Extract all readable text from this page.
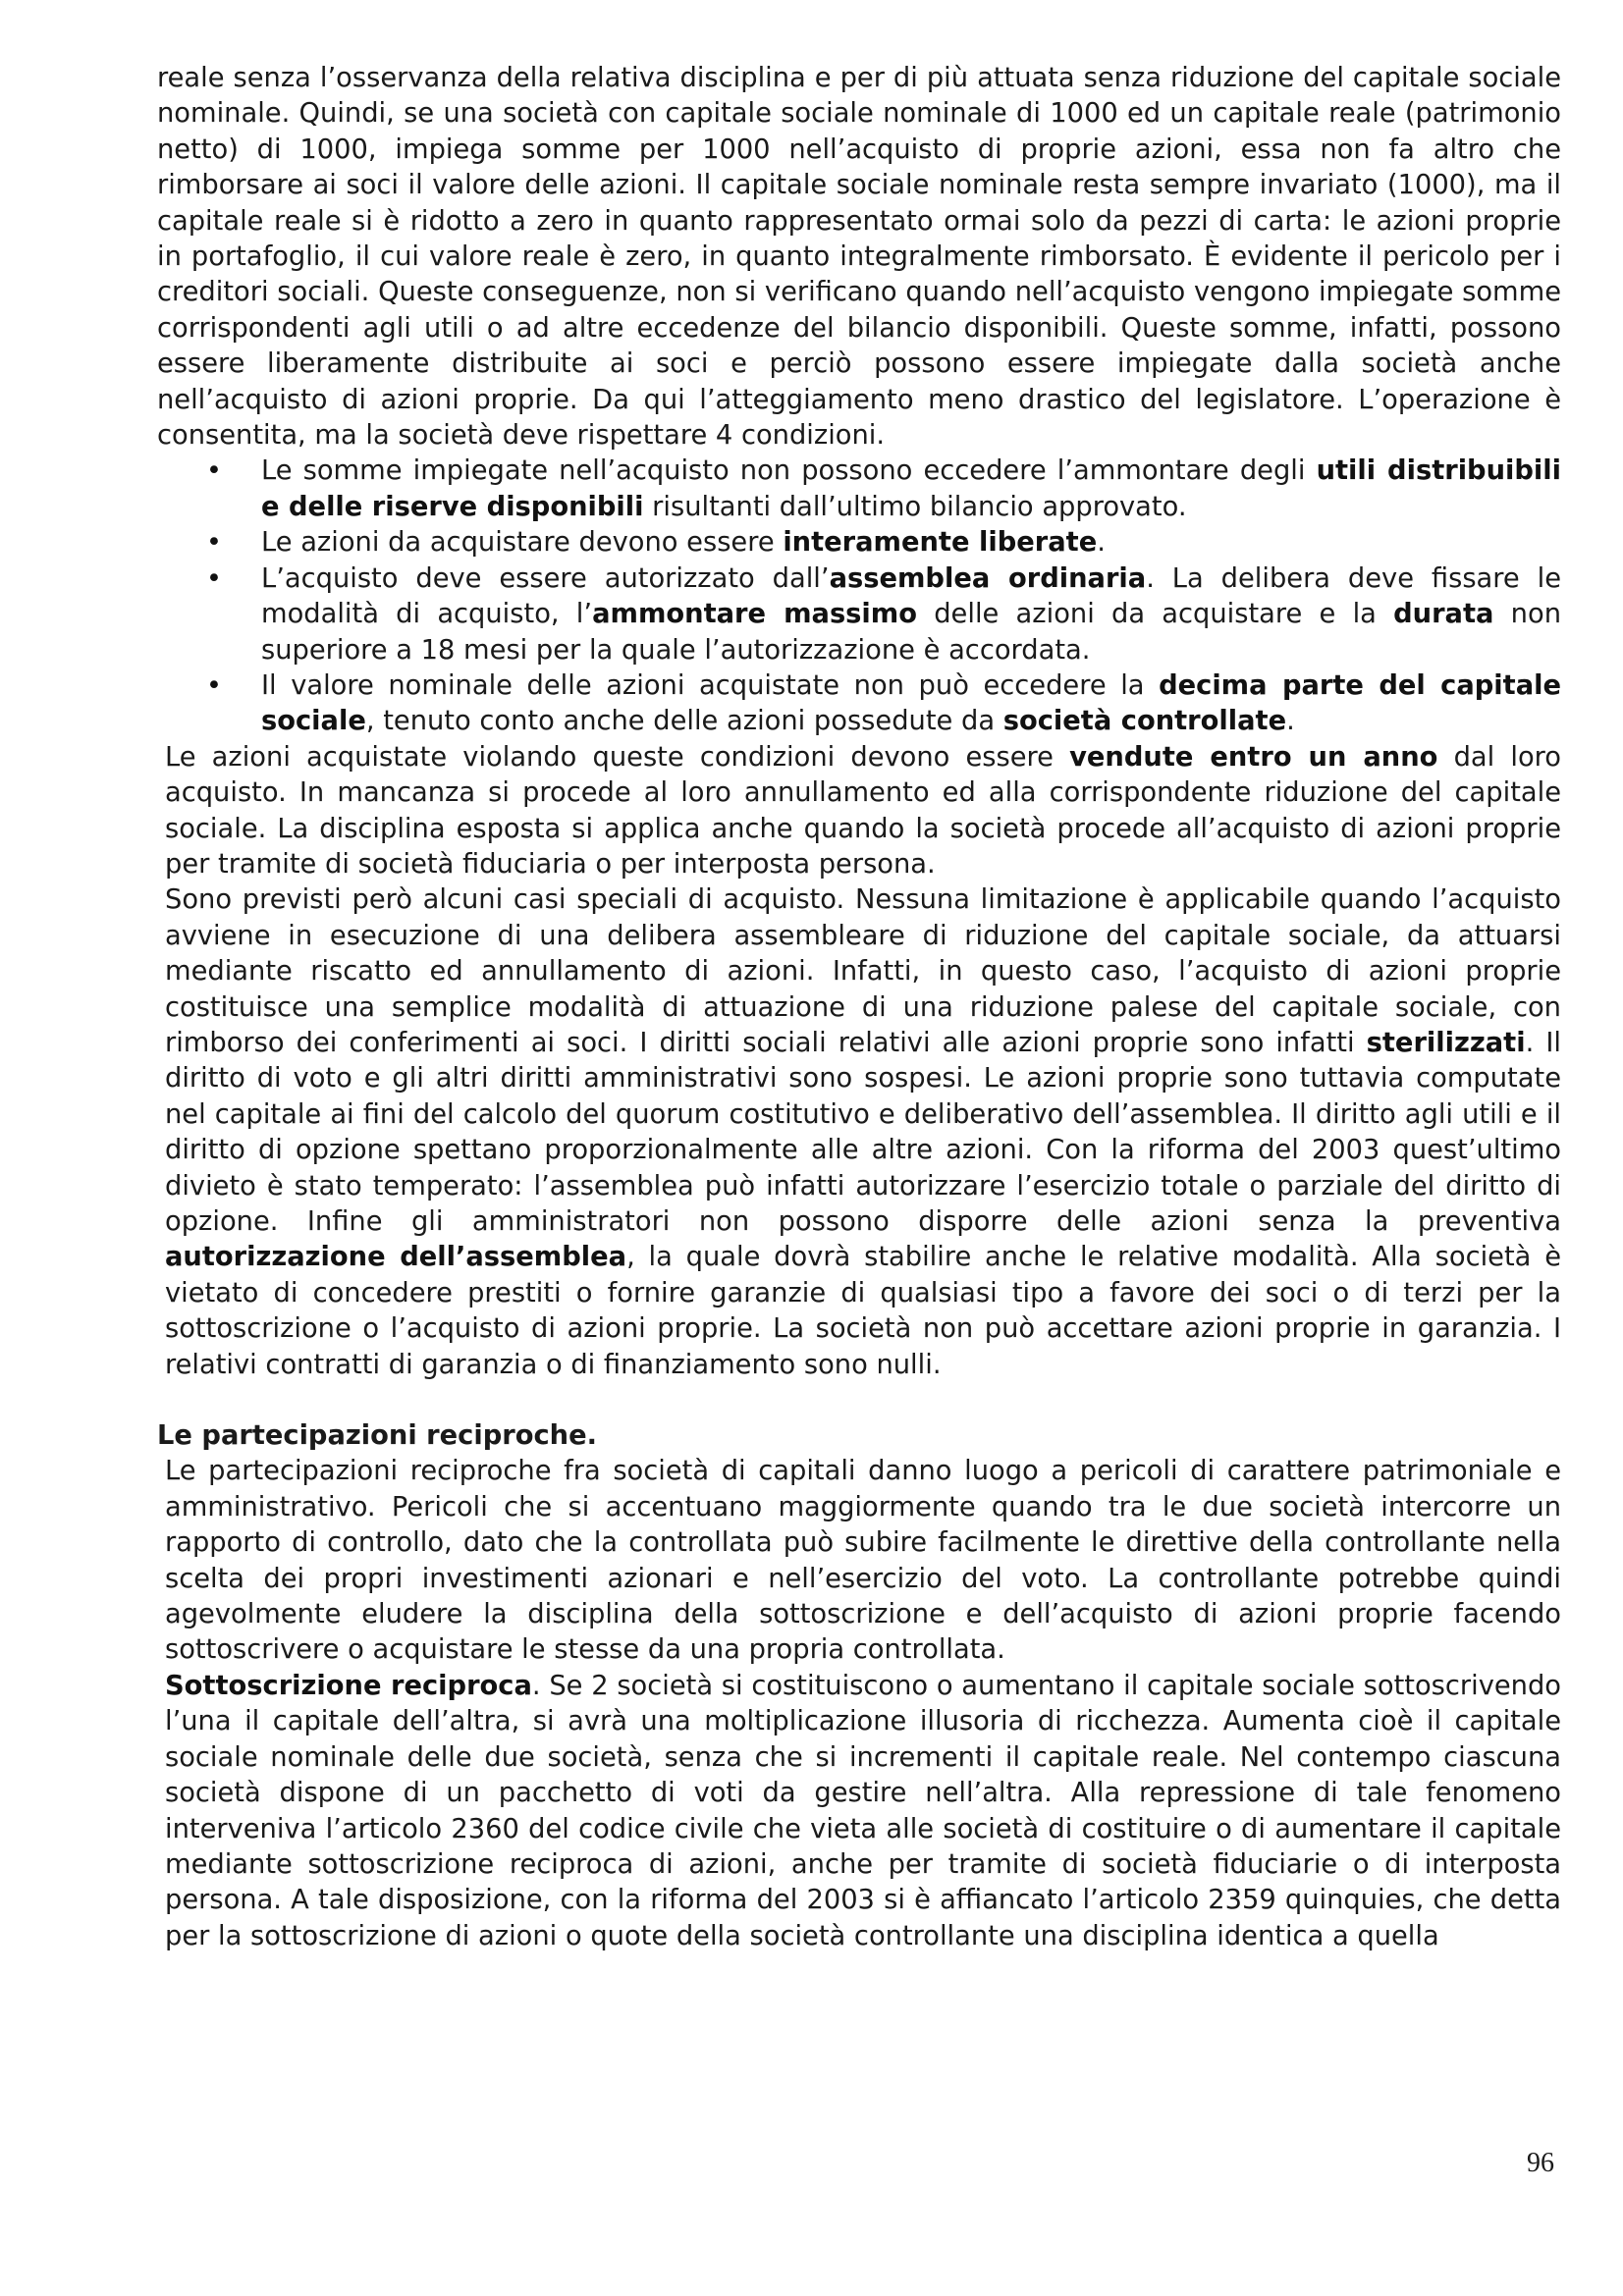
reale senza l’osservanza della relativa disciplina e per di più attuata senza riduzione del capitale sociale nominale. Quindi, se una società con capitale sociale nominale di 1000 ed un capitale reale (patrimonio netto) di 1000, impiega somme per 1000 nell’acquisto di proprie azioni, essa non fa altro che rimborsare ai soci il valore delle azioni. Il capitale sociale nominale resta sempre invariato (1000), ma il capitale reale si è ridotto a zero in quanto rappresentato ormai solo da pezzi di carta: le azioni proprie in portafoglio, il cui valore reale è zero, in quanto integralmente rimborsato. È evidente il pericolo per i creditori sociali. Queste conseguenze, non si verificano quando nell’acquisto vengono impiegate somme corrispondenti agli utili o ad altre eccedenze del bilancio disponibili. Queste somme, infatti, possono essere liberamente distribuite ai soci e perciò possono essere impiegate dalla società anche nell’acquisto di azioni proprie. Da qui l’atteggiamento meno drastico del legislatore. L’operazione è consentita, ma la società deve rispettare 4 condizioni.

• Le somme impiegate nell’acquisto non possono eccedere l’ammontare degli utili distribuibili e delle riserve disponibili risultanti dall’ultimo bilancio approvato.
• Le azioni da acquistare devono essere interamente liberate.
• L’acquisto deve essere autorizzato dall’assemblea ordinaria. La delibera deve fissare le modalità di acquisto, l’ammontare massimo delle azioni da acquistare e la durata non superiore a 18 mesi per la quale l’autorizzazione è accordata.
• Il valore nominale delle azioni acquistate non può eccedere la decima parte del capitale sociale, tenuto conto anche delle azioni possedute da società controllate.

Le azioni acquistate violando queste condizioni devono essere vendute entro un anno dal loro acquisto. In mancanza si procede al loro annullamento ed alla corrispondente riduzione del capitale sociale. La disciplina esposta si applica anche quando la società procede all’acquisto di azioni proprie per tramite di società fiduciaria o per interposta persona.

Sono previsti però alcuni casi speciali di acquisto. Nessuna limitazione è applicabile quando l’acquisto avviene in esecuzione di una delibera assembleare di riduzione del capitale sociale, da attuarsi mediante riscatto ed annullamento di azioni. Infatti, in questo caso, l’acquisto di azioni proprie costituisce una semplice modalità di attuazione di una riduzione palese del capitale sociale, con rimborso dei conferimenti ai soci. I diritti sociali relativi alle azioni proprie sono infatti sterilizzati. Il diritto di voto e gli altri diritti amministrativi sono sospesi. Le azioni proprie sono tuttavia computate nel capitale ai fini del calcolo del quorum costitutivo e deliberativo dell’assemblea. Il diritto agli utili e il diritto di opzione spettano proporzionalmente alle altre azioni. Con la riforma del 2003 quest’ultimo divieto è stato temperato: l’assemblea può infatti autorizzare l’esercizio totale o parziale del diritto di opzione. Infine gli amministratori non possono disporre delle azioni senza la preventiva autorizzazione dell’assemblea, la quale dovrà stabilire anche le relative modalità. Alla società è vietato di concedere prestiti o fornire garanzie di qualsiasi tipo a favore dei soci o di terzi per la sottoscrizione o l’acquisto di azioni proprie. La società non può accettare azioni proprie in garanzia. I relativi contratti di garanzia o di finanziamento sono nulli.

Le partecipazioni reciproche.

Le partecipazioni reciproche fra società di capitali danno luogo a pericoli di carattere patrimoniale e amministrativo. Pericoli che si accentuano maggiormente quando tra le due società intercorre un rapporto di controllo, dato che la controllata può subire facilmente le direttive della controllante nella scelta dei propri investimenti azionari e nell’esercizio del voto. La controllante potrebbe quindi agevolmente eludere la disciplina della sottoscrizione e dell’acquisto di azioni proprie facendo sottoscrivere o acquistare le stesse da una propria controllata.

Sottoscrizione reciproca. Se 2 società si costituiscono o aumentano il capitale sociale sottoscrivendo l’una il capitale dell’altra, si avrà una moltiplicazione illusoria di ricchezza. Aumenta cioè il capitale sociale nominale delle due società, senza che si incrementi il capitale reale. Nel contempo ciascuna società dispone di un pacchetto di voti da gestire nell’altra. Alla repressione di tale fenomeno interveniva l’articolo 2360 del codice civile che vieta alle società di costituire o di aumentare il capitale mediante sottoscrizione reciproca di azioni, anche per tramite di società fiduciarie o di interposta persona. A tale disposizione, con la riforma del 2003 si è affiancato l’articolo 2359 quinquies, che detta per la sottoscrizione di azioni o quote della società controllante una disciplina identica a quella

96
